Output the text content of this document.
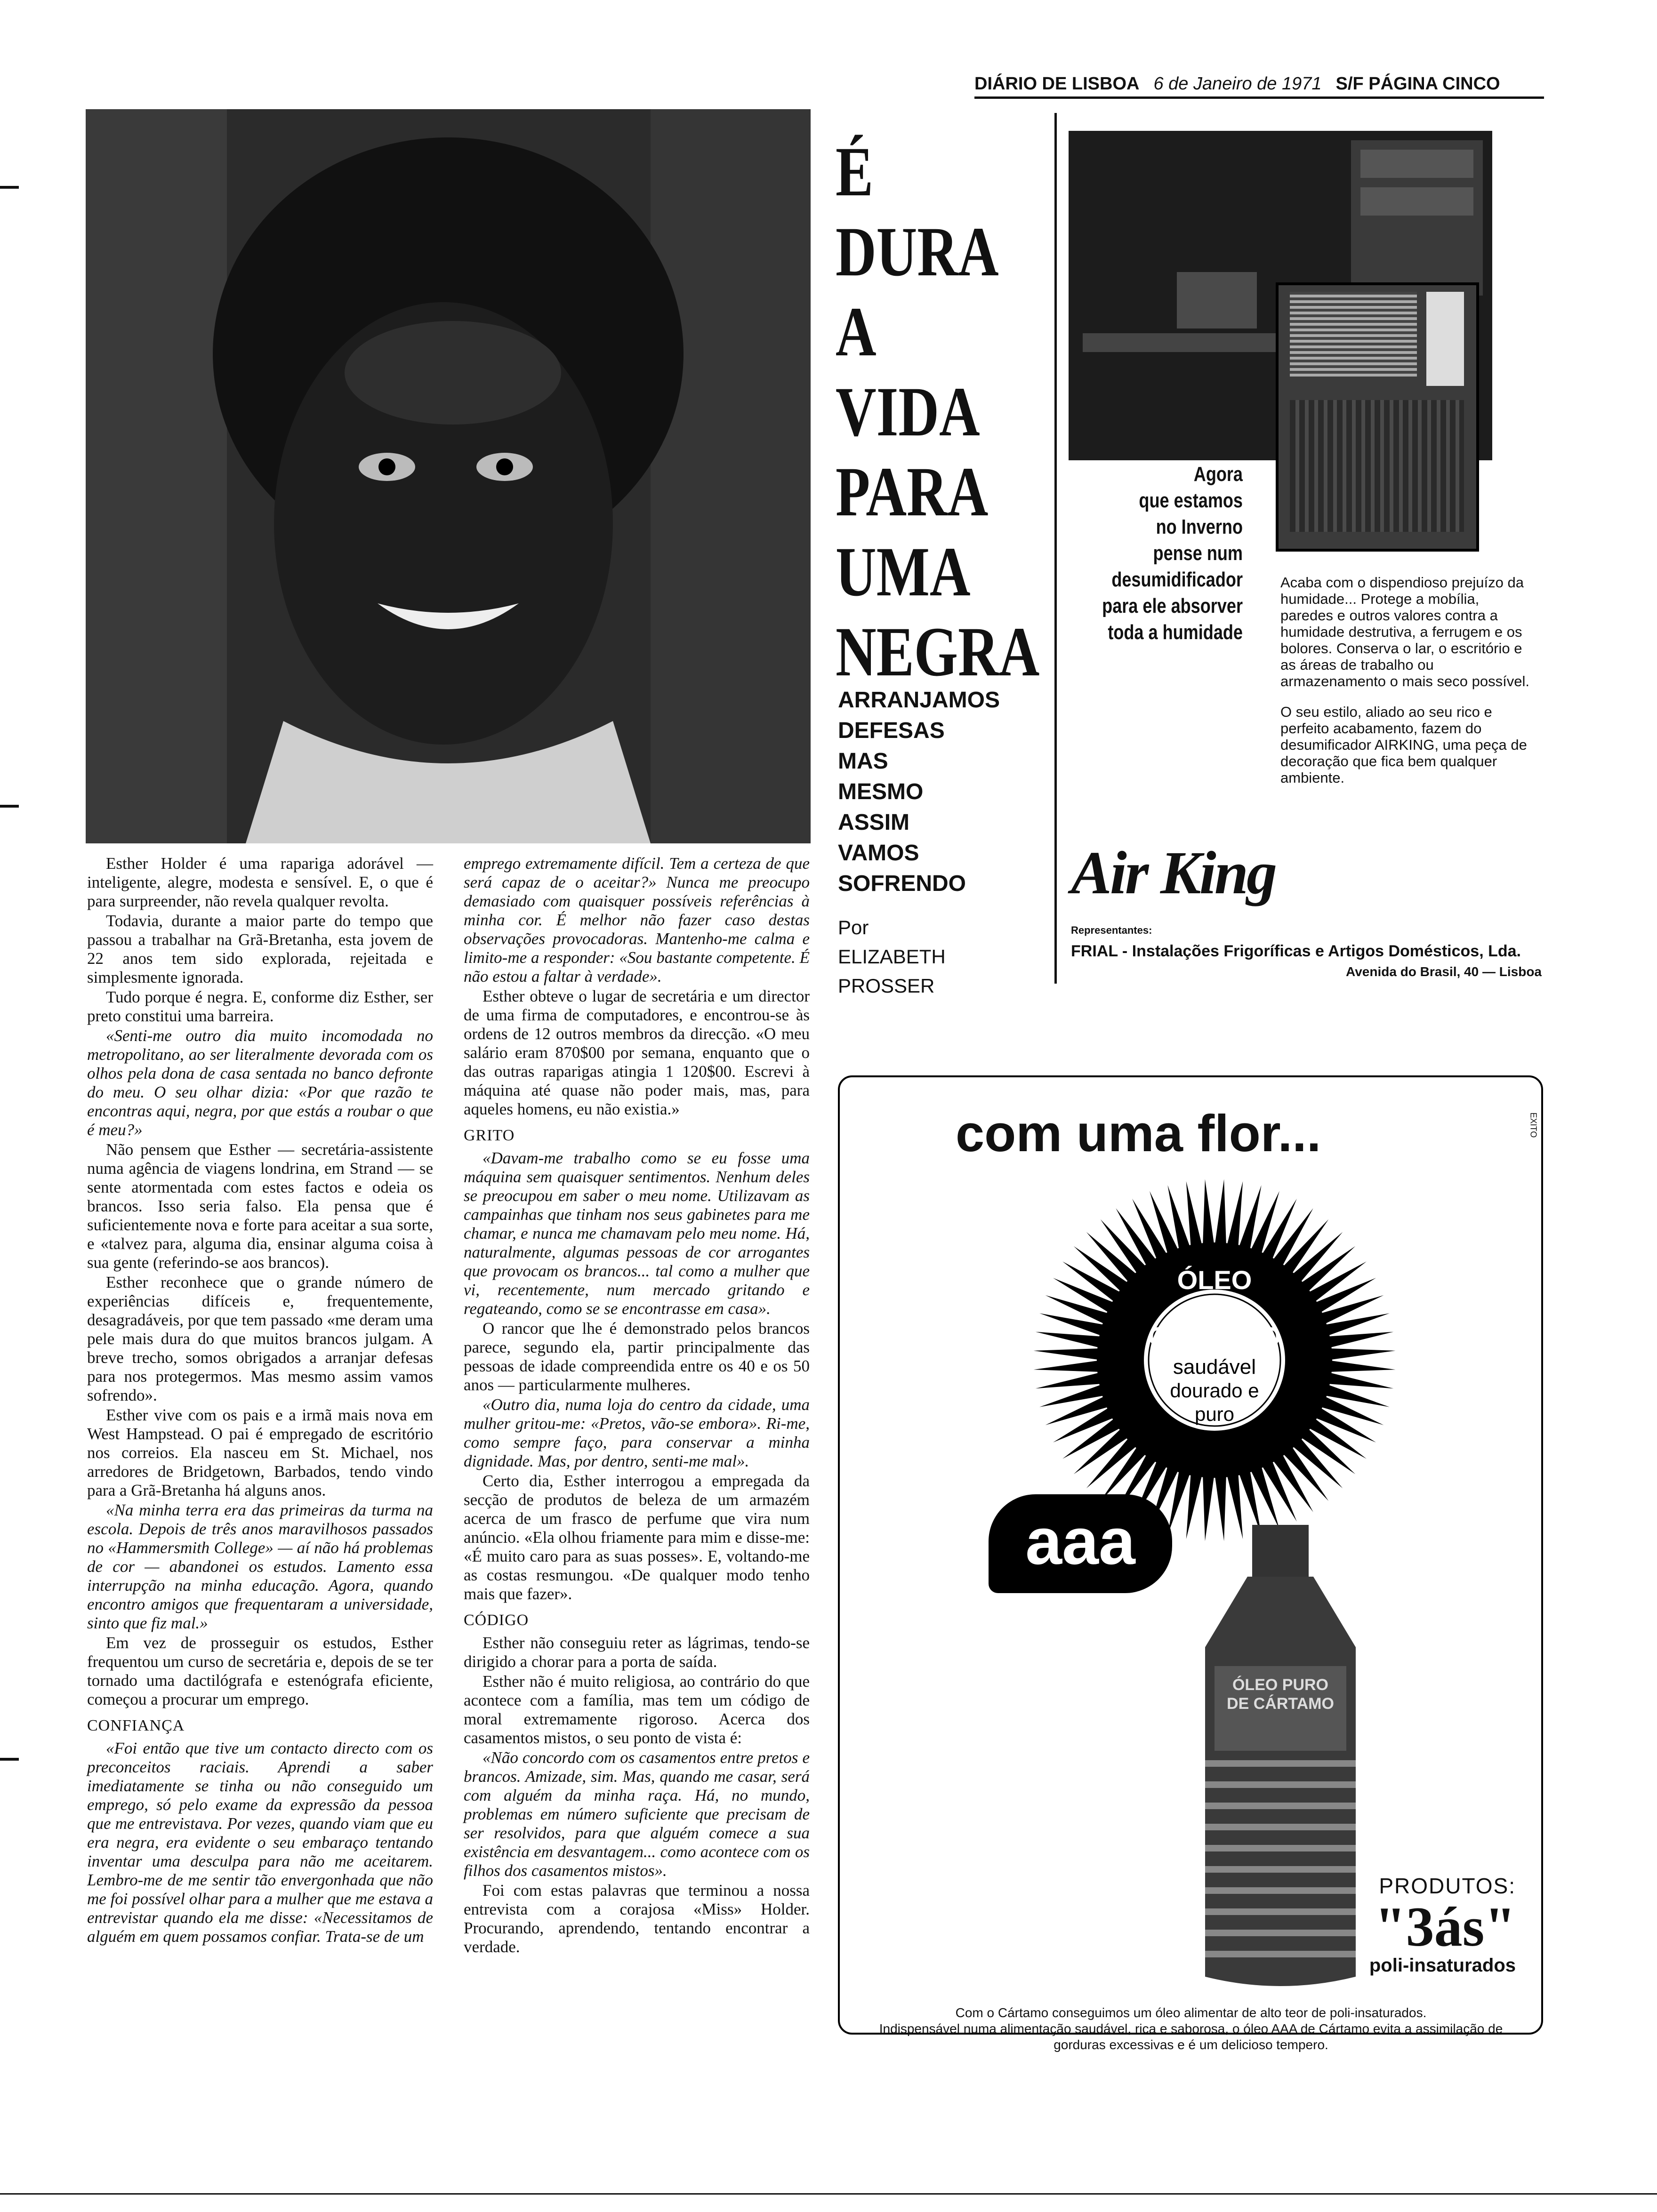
DIÁRIO DE LISBOA 6 de Janeiro de 1971 S/F PÁGINA CINCO

Esther Holder é uma rapariga adorável — inteligente, alegre, modesta e sensível. E, o que é para surpreender, não revela qualquer revolta.

Todavia, durante a maior parte do tempo que passou a trabalhar na Grã-Bretanha, esta jovem de 22 anos tem sido explorada, rejeitada e simplesmente ignorada.

Tudo porque é negra. E, conforme diz Esther, ser preto constitui uma barreira.

«Senti-me outro dia muito incomodada no metropolitano, ao ser literalmente devorada com os olhos pela dona de casa sentada no banco defronte do meu. O seu olhar dizia: «Por que razão te encontras aqui, negra, por que estás a roubar o que é meu?»

Não pensem que Esther — secretária-assistente numa agência de viagens londrina, em Strand — se sente atormentada com estes factos e odeia os brancos. Isso seria falso. Ela pensa que é suficientemente nova e forte para aceitar a sua sorte, e «talvez para, alguma dia, ensinar alguma coisa à sua gente (referindo-se aos brancos).

Esther reconhece que o grande número de experiências difíceis e, frequentemente, desagradáveis, por que tem passado «me deram uma pele mais dura do que muitos brancos julgam. A breve trecho, somos obrigados a arranjar defesas para nos protegermos. Mas mesmo assim vamos sofrendo».

Esther vive com os pais e a irmã mais nova em West Hampstead. O pai é empregado de escritório nos correios. Ela nasceu em St. Michael, nos arredores de Bridgetown, Barbados, tendo vindo para a Grã-Bretanha há alguns anos.

«Na minha terra era das primeiras da turma na escola. Depois de três anos maravilhosos passados no «Hammersmith College» — aí não há problemas de cor — abandonei os estudos. Lamento essa interrupção na minha educação. Agora, quando encontro amigos que frequentaram a universidade, sinto que fiz mal.»

Em vez de prosseguir os estudos, Esther frequentou um curso de secretária e, depois de se ter tornado uma dactilógrafa e estenógrafa eficiente, começou a procurar um emprego.

CONFIANÇA

«Foi então que tive um contacto directo com os preconceitos raciais. Aprendi a saber imediatamente se tinha ou não conseguido um emprego, só pelo exame da expressão da pessoa que me entrevistava. Por vezes, quando viam que eu era negra, era evidente o seu embaraço tentando inventar uma desculpa para não me aceitarem. Lembro-me de me sentir tão envergonhada que não me foi possível olhar para a mulher que me estava a entrevistar quando ela me disse: «Necessitamos de alguém em quem possamos confiar. Trata-se de um

emprego extremamente difícil. Tem a certeza de que será capaz de o aceitar?» Nunca me preocupo demasiado com quaisquer possíveis referências à minha cor. É melhor não fazer caso destas observações provocadoras. Mantenho-me calma e limito-me a responder: «Sou bastante competente. É não estou a faltar à verdade».

Esther obteve o lugar de secretária e um director de uma firma de computadores, e encontrou-se às ordens de 12 outros membros da direcção. «O meu salário eram 870$00 por semana, enquanto que o das outras raparigas atingia 1 120$00. Escrevi à máquina até quase não poder mais, mas, para aqueles homens, eu não existia.»

GRITO

«Davam-me trabalho como se eu fosse uma máquina sem quaisquer sentimentos. Nenhum deles se preocupou em saber o meu nome. Utilizavam as campainhas que tinham nos seus gabinetes para me chamar, e nunca me chamavam pelo meu nome. Há, naturalmente, algumas pessoas de cor arrogantes que provocam os brancos... tal como a mulher que vi, recentemente, num mercado gritando e regateando, como se se encontrasse em casa».

O rancor que lhe é demonstrado pelos brancos parece, segundo ela, partir principalmente das pessoas de idade compreendida entre os 40 e os 50 anos — particularmente mulheres.

«Outro dia, numa loja do centro da cidade, uma mulher gritou-me: «Pretos, vão-se embora». Ri-me, como sempre faço, para conservar a minha dignidade. Mas, por dentro, senti-me mal».

Certo dia, Esther interrogou a empregada da secção de produtos de beleza de um armazém acerca de um frasco de perfume que vira num anúncio. «Ela olhou friamente para mim e disse-me: «É muito caro para as suas posses». E, voltando-me as costas resmungou. «De qualquer modo tenho mais que fazer».

CÓDIGO

Esther não conseguiu reter as lágrimas, tendo-se dirigido a chorar para a porta de saída.

Esther não é muito religiosa, ao contrário do que acontece com a família, mas tem um código de moral extremamente rigoroso. Acerca dos casamentos mistos, o seu ponto de vista é:

«Não concordo com os casamentos entre pretos e brancos. Amizade, sim. Mas, quando me casar, será com alguém da minha raça. Há, no mundo, problemas em número suficiente que precisam de ser resolvidos, para que alguém comece a sua existência em desvantagem... como acontece com os filhos dos casamentos mistos».

Foi com estas palavras que terminou a nossa entrevista com a corajosa «Miss» Holder. Procurando, aprendendo, tentando encontrar a verdade.

É
DURA
A
VIDA
PARA
UMA
NEGRA
ARRANJAMOS
DEFESAS
MAS
MESMO
ASSIM
VAMOS
SOFRENDO
Por
ELIZABETH
PROSSER
Agora
que estamos
no Inverno
pense num
desumidificador
para ele absorver
toda a humidade

Acaba com o dispendioso prejuízo da humidade... Protege a mobília, paredes e outros valores contra a humidade destrutiva, a ferrugem e os bolores. Conserva o lar, o escritório e as áreas de trabalho ou armazenamento o mais seco possível.

O seu estilo, aliado ao seu rico e perfeito acabamento, fazem do desumificador AIRKING, uma peça de decoração que fica bem qualquer ambiente.

Air King
Representantes:
FRIAL - Instalações Frigoríficas e Artigos Domésticos, Lda.
Avenida do Brasil, 40 — Lisboa
com uma flor...	EXITO
ÓLEO
DE
CÁRTAMO
saudável
dourado e puro
aaa
ÓLEO PURO DE CÁRTAMO
PRODUTOS:
"3ás"
poli-insaturados
Com o Cártamo conseguimos um óleo alimentar de alto teor de poli-insaturados.
Indispensável numa alimentação saudável, rica e saborosa, o óleo AAA de Cártamo evita a assimilação de gorduras excessivas e é um delicioso tempero.
